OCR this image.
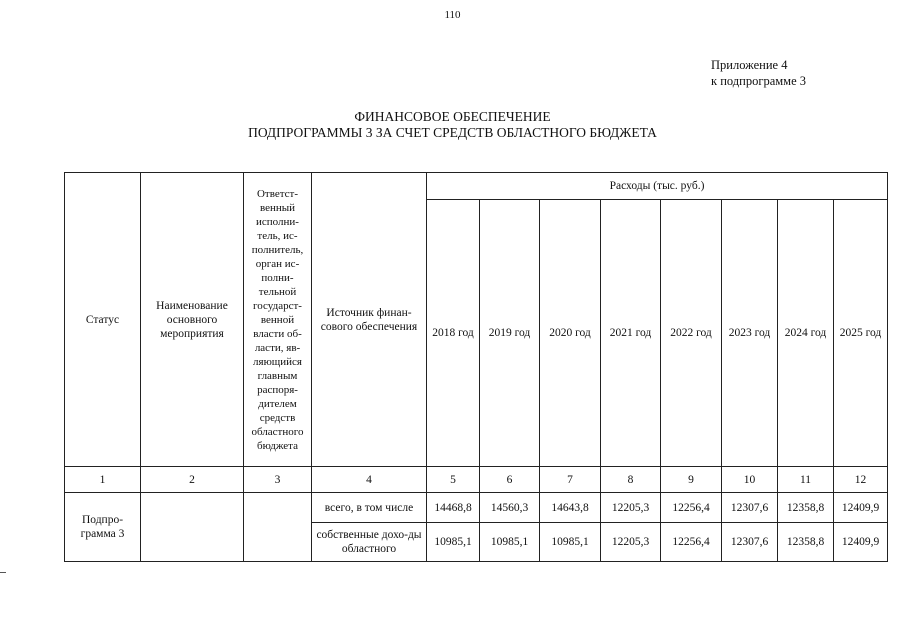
110
Приложение 4
к подпрограмме 3
ФИНАНСОВОЕ ОБЕСПЕЧЕНИЕ
ПОДПРОГРАММЫ 3 ЗА СЧЕТ СРЕДСТВ ОБЛАСТНОГО БЮДЖЕТА
Статус	Наименование основного мероприятия	Ответст-венный исполни-тель, ис-полнитель, орган ис-полни-тельной государст-венной власти об-ласти, яв-ляющийся главным распоря-дителем средств областного бюджета	Источник финан-сового обеспечения	Расходы (тыс. руб.)							
				2018 год	2019 год	2020 год	2021 год	2022 год	2023 год	2024 год	2025 год
1	2	3	4	5	6	7	8	9	10	11	12
Подпро-грамма 3			всего, в том числе	14468,8	14560,3	14643,8	12205,3	12256,4	12307,6	12358,8	12409,9
			собственные дохо-ды областного	10985,1	10985,1	10985,1	12205,3	12256,4	12307,6	12358,8	12409,9
